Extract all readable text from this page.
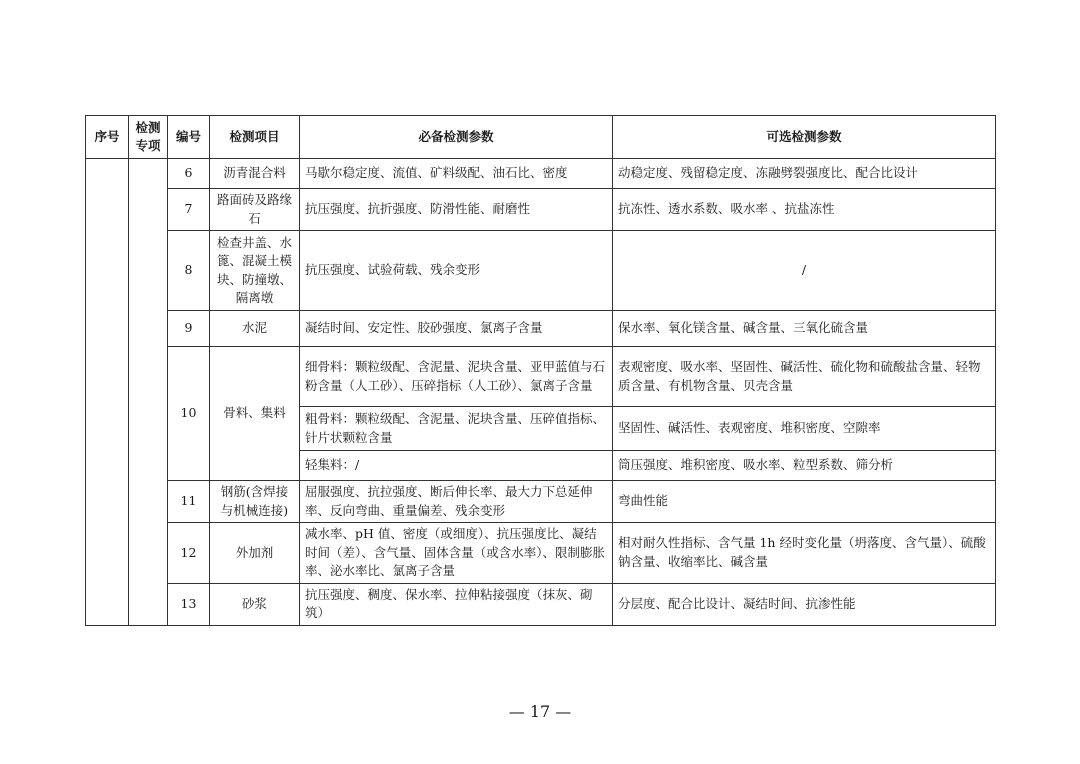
序号	检测专项	编号	检测项目	必备检测参数	可选检测参数
		6	沥青混合料	马歇尔稳定度、流值、矿料级配、油石比、密度	动稳定度、残留稳定度、冻融劈裂强度比、配合比设计
		7	路面砖及路缘石	抗压强度、抗折强度、防滑性能、耐磨性	抗冻性、透水系数、吸水率 、抗盐冻性
		8	检查井盖、水篦、混凝土模块、防撞墩、隔离墩	抗压强度、试验荷载、残余变形	/
		9	水泥	凝结时间、安定性、胶砂强度、氯离子含量	保水率、氧化镁含量、碱含量、三氧化硫含量
		10	骨料、集料	细骨料：颗粒级配、含泥量、泥块含量、亚甲蓝值与石粉含量（人工砂）、压碎指标（人工砂）、氯离子含量	表观密度、吸水率、坚固性、碱活性、硫化物和硫酸盐含量、轻物质含量、有机物含量、贝壳含量
				粗骨料：颗粒级配、含泥量、泥块含量、压碎值指标、针片状颗粒含量	坚固性、碱活性、表观密度、堆积密度、空隙率
				轻集料：/	筒压强度、堆积密度、吸水率、粒型系数、筛分析
		11	钢筋(含焊接与机械连接)	屈服强度、抗拉强度、断后伸长率、最大力下总延伸率、反向弯曲、重量偏差、残余变形	弯曲性能
		12	外加剂	减水率、pH 值、密度（或细度）、抗压强度比、凝结时间（差）、含气量、固体含量（或含水率）、限制膨胀率、泌水率比、氯离子含量	相对耐久性指标、含气量 1h 经时变化量（坍落度、含气量）、硫酸钠含量、收缩率比、碱含量
		13	砂浆	抗压强度、稠度、保水率、拉伸粘接强度（抹灰、砌筑）	分层度、配合比设计、凝结时间、抗渗性能
— 17 —
